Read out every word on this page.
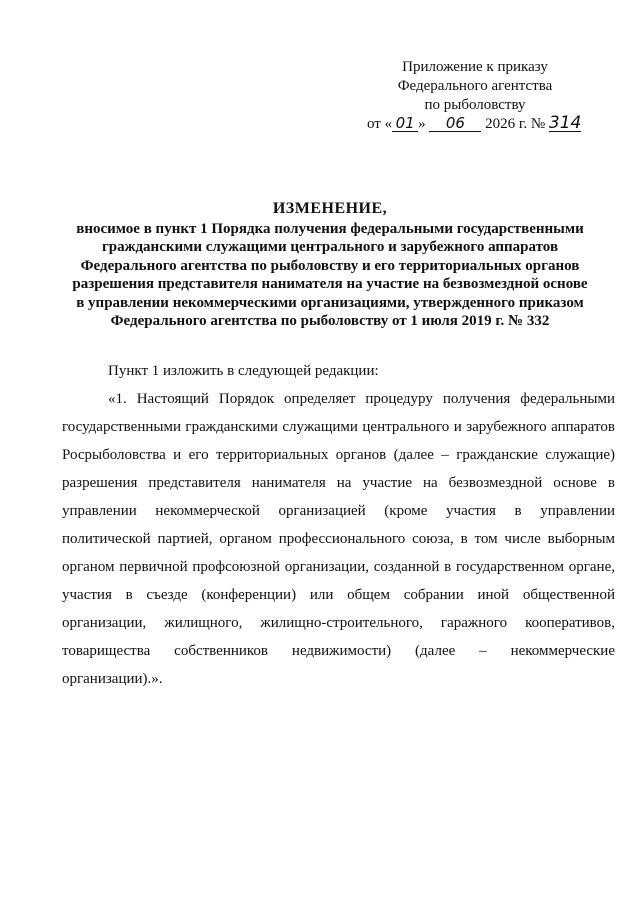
Приложение к приказу
Федерального агентства
по рыболовству
от « 01 » 06 2026 г. № 314
ИЗМЕНЕНИЕ,
вносимое в пункт 1 Порядка получения федеральными государственными
гражданскими служащими центрального и зарубежного аппаратов
Федерального агентства по рыболовству и его территориальных органов
разрешения представителя нанимателя на участие на безвозмездной основе
в управлении некоммерческими организациями, утвержденного приказом
Федерального агентства по рыболовству от 1 июля 2019 г. № 332

Пункт 1 изложить в следующей редакции:

«1. Настоящий Порядок определяет процедуру получения федеральными государственными гражданскими служащими центрального и зарубежного аппаратов Росрыболовства и его территориальных органов (далее – гражданские служащие) разрешения представителя нанимателя на участие на безвозмездной основе в управлении некоммерческой организацией (кроме участия в управлении политической партией, органом профессионального союза, в том числе выборным органом первичной профсоюзной организации, созданной в государственном органе, участия в съезде (конференции) или общем собрании иной общественной организации, жилищного, жилищно-строительного, гаражного кооперативов, товарищества собственников недвижимости) (далее – некоммерческие организации).».
